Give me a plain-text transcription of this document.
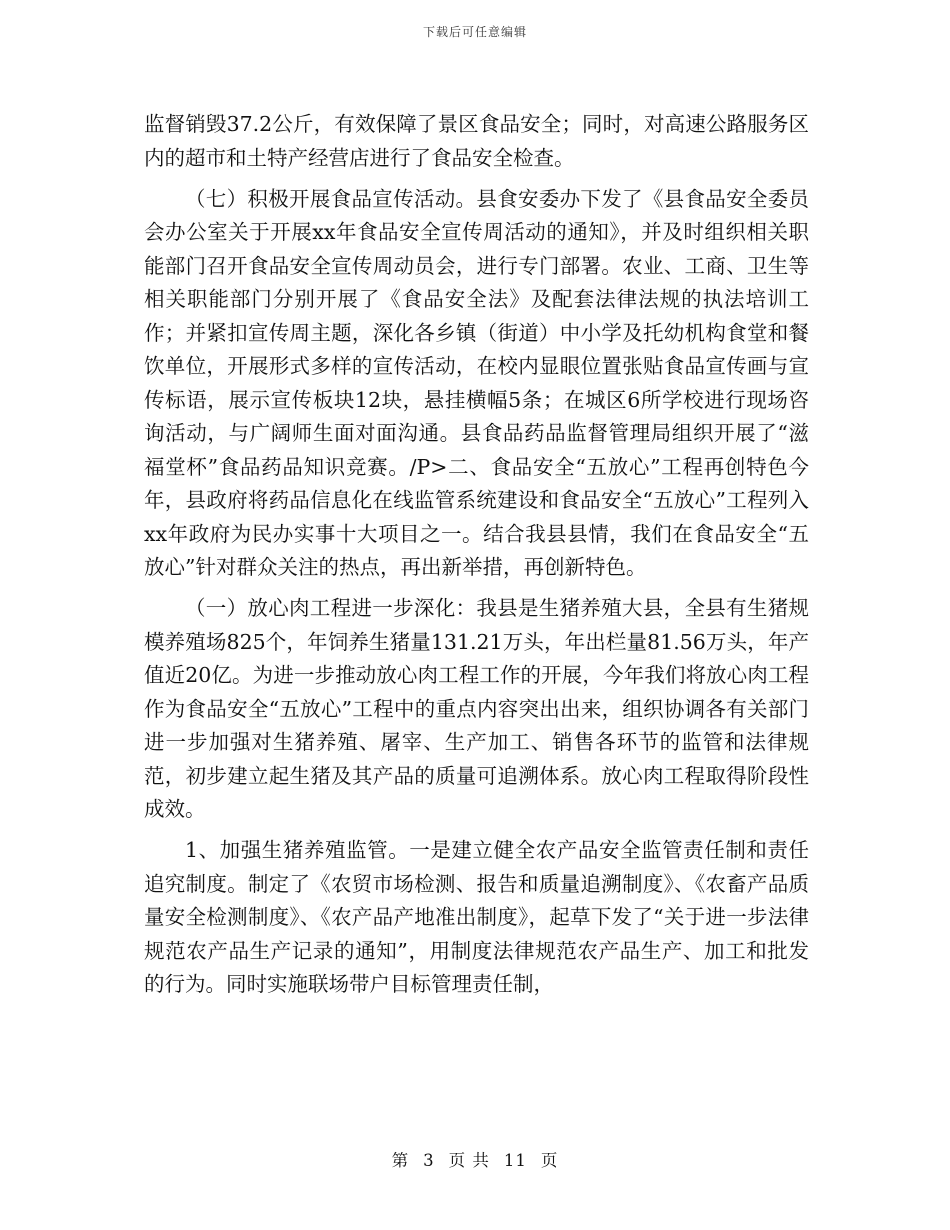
下载后可任意编辑

监督销毁37.2公斤，有效保障了景区食品安全；同时，对高速公路服务区内的超市和土特产经营店进行了食品安全检查。

（七）积极开展食品宣传活动。县食安委办下发了《县食品安全委员会办公室关于开展xx年食品安全宣传周活动的通知》，并及时组织相关职能部门召开食品安全宣传周动员会，进行专门部署。农业、工商、卫生等相关职能部门分别开展了《食品安全法》及配套法律法规的执法培训工作；并紧扣宣传周主题，深化各乡镇（街道）中小学及托幼机构食堂和餐饮单位，开展形式多样的宣传活动，在校内显眼位置张贴食品宣传画与宣传标语，展示宣传板块12块，悬挂横幅5条；在城区6所学校进行现场咨询活动，与广阔师生面对面沟通。县食品药品监督管理局组织开展了“滋福堂杯”食品药品知识竞赛。/P>二、食品安全“五放心”工程再创特色今年，县政府将药品信息化在线监管系统建设和食品安全“五放心”工程列入xx年政府为民办实事十大项目之一。结合我县县情，我们在食品安全“五放心”针对群众关注的热点，再出新举措，再创新特色。

（一）放心肉工程进一步深化：我县是生猪养殖大县，全县有生猪规模养殖场825个，年饲养生猪量131.21万头，年出栏量81.56万头，年产值近20亿。为进一步推动放心肉工程工作的开展，今年我们将放心肉工程作为食品安全“五放心”工程中的重点内容突出出来，组织协调各有关部门进一步加强对生猪养殖、屠宰、生产加工、销售各环节的监管和法律规范，初步建立起生猪及其产品的质量可追溯体系。放心肉工程取得阶段性成效。

1、加强生猪养殖监管。一是建立健全农产品安全监管责任制和责任追究制度。制定了《农贸市场检测、报告和质量追溯制度》、《农畜产品质量安全检测制度》、《农产品产地准出制度》，起草下发了“关于进一步法律规范农产品生产记录的通知”，用制度法律规范农产品生产、加工和批发的行为。同时实施联场带户目标管理责任制，

第 3 页 共 11 页
